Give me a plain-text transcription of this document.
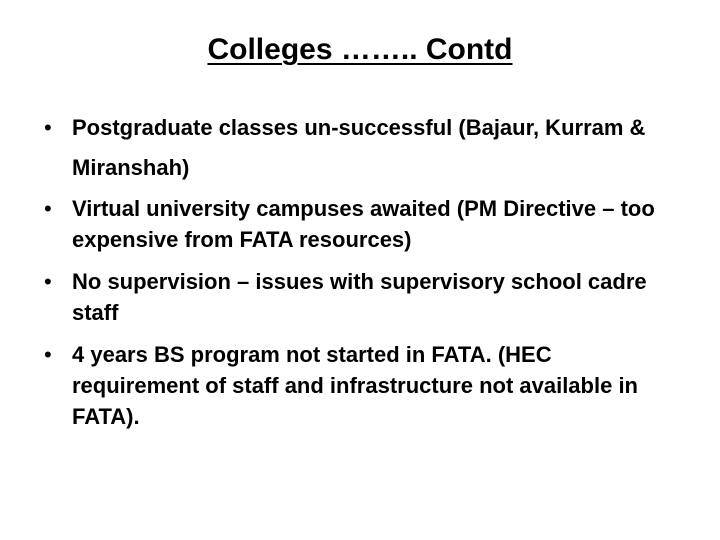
Colleges …….. Contd
• Postgraduate classes un-successful (Bajaur, Kurram & Miranshah)
• Virtual university campuses awaited (PM Directive – too expensive from FATA resources)
• No supervision – issues with supervisory school cadre staff
• 4 years BS program not started in FATA. (HEC requirement of staff and infrastructure not available in FATA).
